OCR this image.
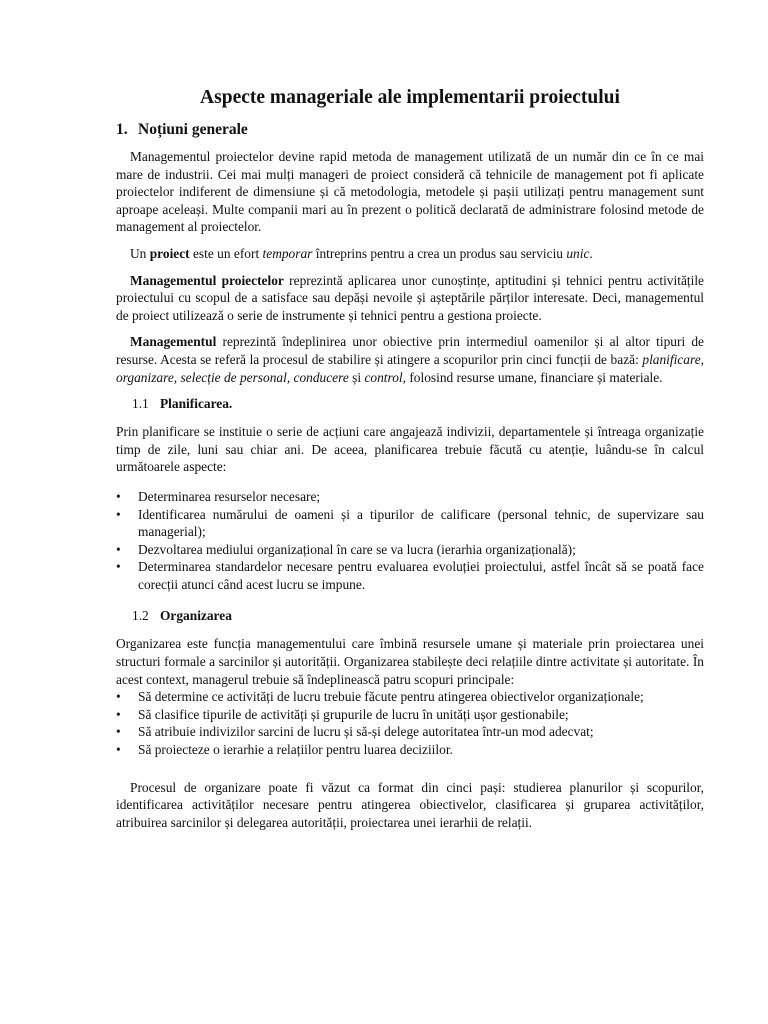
Aspecte manageriale ale implementarii proiectului
1. Noțiuni generale

Managementul proiectelor devine rapid metoda de management utilizată de un număr din ce în ce mai mare de industrii. Cei mai mulți manageri de proiect consideră că tehnicile de management pot fi aplicate proiectelor indiferent de dimensiune și că metodologia, metodele și pașii utilizați pentru management sunt aproape aceleași. Multe companii mari au în prezent o politică declarată de administrare folosind metode de management al proiectelor.

Un proiect este un efort temporar întreprins pentru a crea un produs sau serviciu unic.

Managementul proiectelor reprezintă aplicarea unor cunoștințe, aptitudini și tehnici pentru activitățile proiectului cu scopul de a satisface sau depăși nevoile și așteptările părților interesate. Deci, managementul de proiect utilizează o serie de instrumente și tehnici pentru a gestiona proiecte.

Managementul reprezintă îndeplinirea unor obiective prin intermediul oamenilor și al altor tipuri de resurse. Acesta se referă la procesul de stabilire și atingere a scopurilor prin cinci funcții de bază: planificare, organizare, selecție de personal, conducere și control, folosind resurse umane, financiare și materiale.

1.1 Planificarea.

Prin planificare se instituie o serie de acțiuni care angajează indivizii, departamentele și întreaga organizație timp de zile, luni sau chiar ani. De aceea, planificarea trebuie făcută cu atenție, luându-se în calcul următoarele aspecte:

• Determinarea resurselor necesare;
• Identificarea numărului de oameni și a tipurilor de calificare (personal tehnic, de supervizare sau managerial);
• Dezvoltarea mediului organizațional în care se va lucra (ierarhia organizațională);
• Determinarea standardelor necesare pentru evaluarea evoluției proiectului, astfel încât să se poată face corecții atunci când acest lucru se impune.
1.2 Organizarea

Organizarea este funcția managementului care îmbină resursele umane și materiale prin proiectarea unei structuri formale a sarcinilor și autorității. Organizarea stabilește deci relațiile dintre activitate și autoritate. În acest context, managerul trebuie să îndeplinească patru scopuri principale:

• Să determine ce activități de lucru trebuie făcute pentru atingerea obiectivelor organizaționale;
• Să clasifice tipurile de activități și grupurile de lucru în unități ușor gestionabile;
• Să atribuie indivizilor sarcini de lucru și să-și delege autoritatea într-un mod adecvat;
• Să proiecteze o ierarhie a relațiilor pentru luarea deciziilor.

Procesul de organizare poate fi văzut ca format din cinci pași: studierea planurilor și scopurilor, identificarea activităților necesare pentru atingerea obiectivelor, clasificarea și gruparea activităților, atribuirea sarcinilor și delegarea autorității, proiectarea unei ierarhii de relații.
